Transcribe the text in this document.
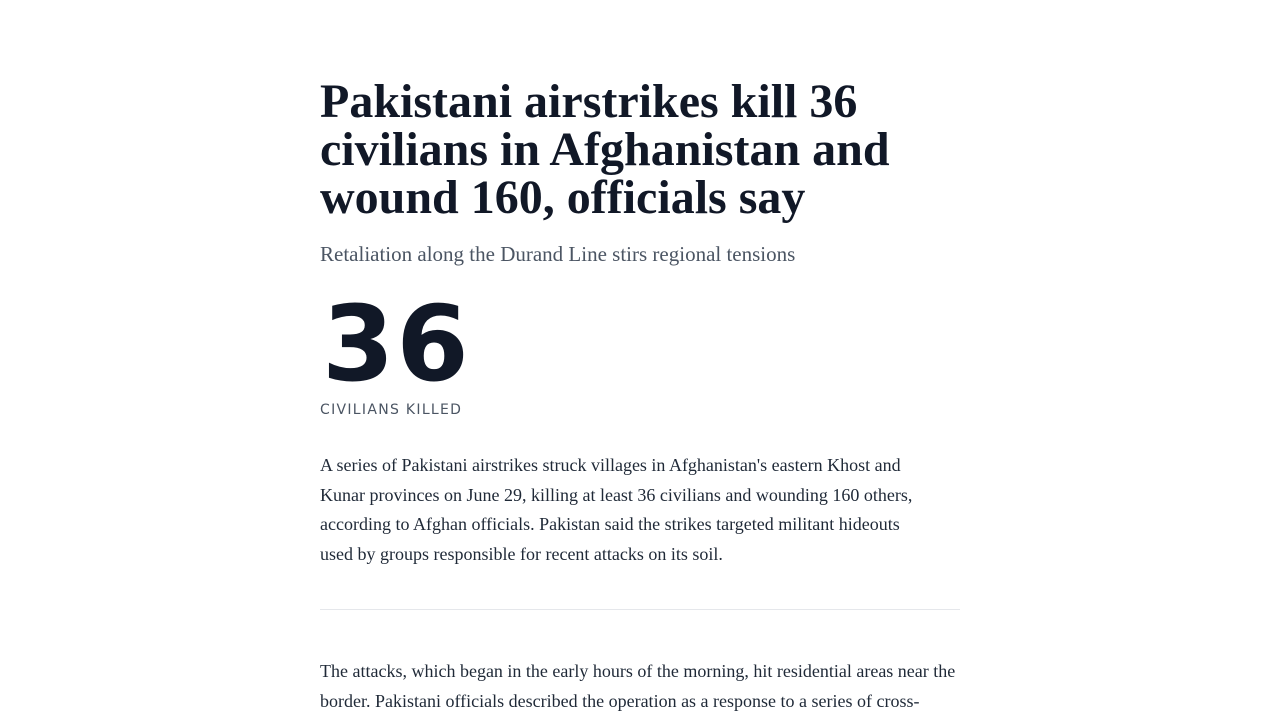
Pakistani airstrikes kill 36 civilians in Afghanistan and wound 160, officials say

Retaliation along the Durand Line stirs regional tensions

36
CIVILIANS KILLED

A series of Pakistani airstrikes struck villages in Afghanistan's eastern Khost and Kunar provinces on June 29, killing at least 36 civilians and wounding 160 others, according to Afghan officials. Pakistan said the strikes targeted militant hideouts used by groups responsible for recent attacks on its soil.

The attacks, which began in the early hours of the morning, hit residential areas near the border. Pakistani officials described the operation as a response to a series of cross-
